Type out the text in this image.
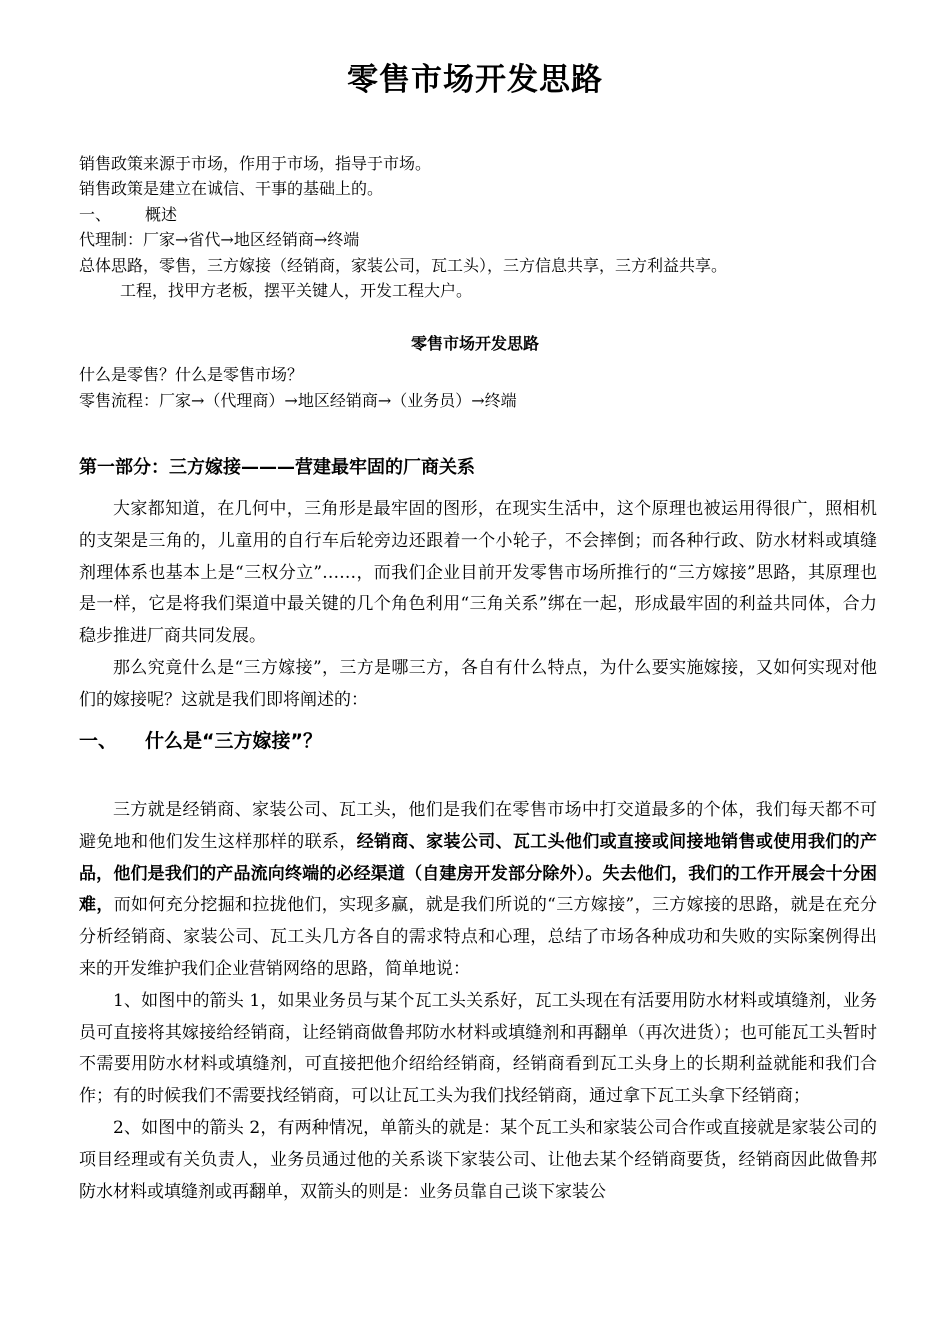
零售市场开发思路
销售政策来源于市场，作用于市场，指导于市场。
销售政策是建立在诚信、干事的基础上的。
一、 概述
代理制：厂家→省代→地区经销商→终端
总体思路，零售，三方嫁接（经销商，家装公司，瓦工头），三方信息共享，三方利益共享。
工程，找甲方老板，摆平关键人，开发工程大户。
零售市场开发思路
什么是零售？什么是零售市场？
零售流程：厂家→（代理商）→地区经销商→（业务员）→终端
第一部分：三方嫁接———营建最牢固的厂商关系

大家都知道，在几何中，三角形是最牢固的图形，在现实生活中，这个原理也被运用得很广，照相机的支架是三角的，儿童用的自行车后轮旁边还跟着一个小轮子，不会摔倒；而各种行政、防水材料或填缝剂理体系也基本上是“三权分立”……，而我们企业目前开发零售市场所推行的“三方嫁接”思路，其原理也是一样，它是将我们渠道中最关键的几个角色利用“三角关系”绑在一起，形成最牢固的利益共同体，合力稳步推进厂商共同发展。

那么究竟什么是“三方嫁接”，三方是哪三方，各自有什么特点，为什么要实施嫁接，又如何实现对他们的嫁接呢？这就是我们即将阐述的：

一、 什么是“三方嫁接”？

三方就是经销商、家装公司、瓦工头，他们是我们在零售市场中打交道最多的个体，我们每天都不可避免地和他们发生这样那样的联系，经销商、家装公司、瓦工头他们或直接或间接地销售或使用我们的产品，他们是我们的产品流向终端的必经渠道（自建房开发部分除外）。失去他们，我们的工作开展会十分困难，而如何充分挖掘和拉拢他们，实现多赢，就是我们所说的“三方嫁接”，三方嫁接的思路，就是在充分分析经销商、家装公司、瓦工头几方各自的需求特点和心理，总结了市场各种成功和失败的实际案例得出来的开发维护我们企业营销网络的思路，简单地说：

1、如图中的箭头 1，如果业务员与某个瓦工头关系好，瓦工头现在有活要用防水材料或填缝剂，业务员可直接将其嫁接给经销商，让经销商做鲁邦防水材料或填缝剂和再翻单（再次进货）；也可能瓦工头暂时不需要用防水材料或填缝剂，可直接把他介绍给经销商，经销商看到瓦工头身上的长期利益就能和我们合作；有的时候我们不需要找经销商，可以让瓦工头为我们找经销商，通过拿下瓦工头拿下经销商；

2、如图中的箭头 2，有两种情况，单箭头的就是：某个瓦工头和家装公司合作或直接就是家装公司的项目经理或有关负责人，业务员通过他的关系谈下家装公司、让他去某个经销商要货，经销商因此做鲁邦防水材料或填缝剂或再翻单，双箭头的则是：业务员靠自己谈下家装公
